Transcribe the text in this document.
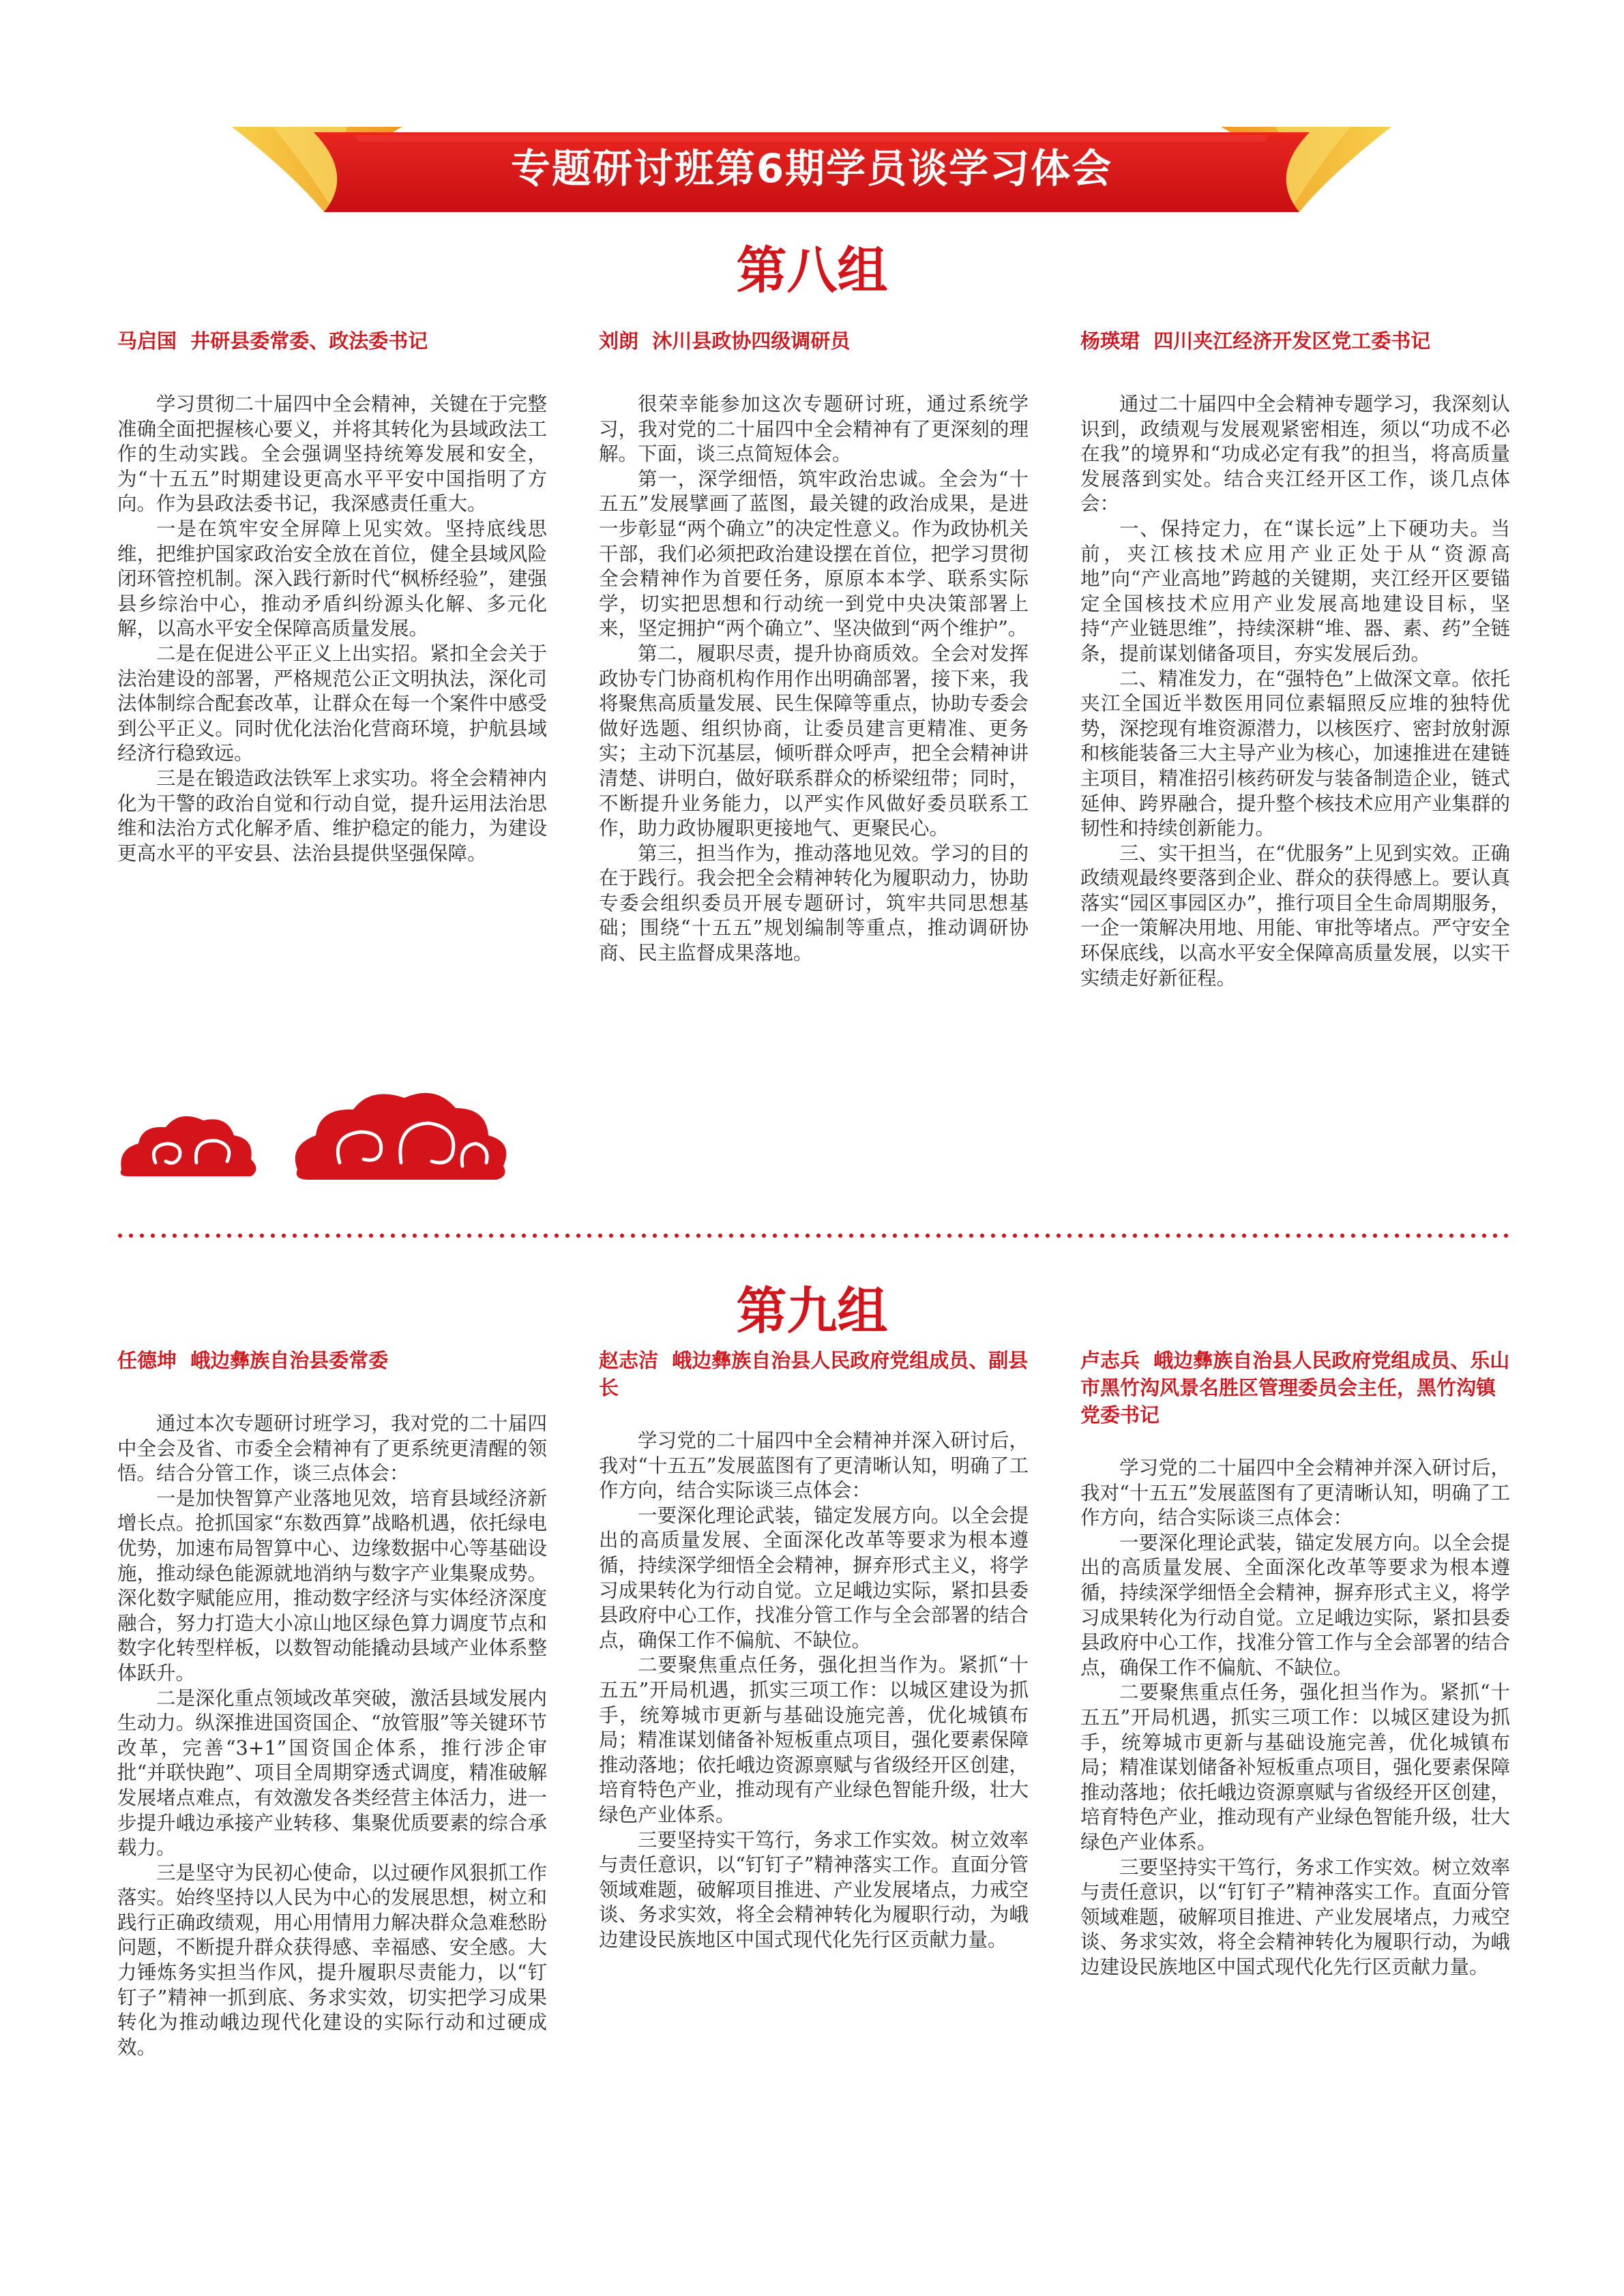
专题研讨班第6期学员谈学习体会
第八组
马启国  井研县委常委、政法委书记

学习贯彻二十届四中全会精神，关键在于完整准确全面把握核心要义，并将其转化为县域政法工作的生动实践。全会强调坚持统筹发展和安全，为“十五五”时期建设更高水平平安中国指明了方向。作为县政法委书记，我深感责任重大。

一是在筑牢安全屏障上见实效。坚持底线思维，把维护国家政治安全放在首位，健全县域风险闭环管控机制。深入践行新时代“枫桥经验”，建强县乡综治中心，推动矛盾纠纷源头化解、多元化解，以高水平安全保障高质量发展。

二是在促进公平正义上出实招。紧扣全会关于法治建设的部署，严格规范公正文明执法，深化司法体制综合配套改革，让群众在每一个案件中感受到公平正义。同时优化法治化营商环境，护航县域经济行稳致远。

三是在锻造政法铁军上求实功。将全会精神内化为干警的政治自觉和行动自觉，提升运用法治思维和法治方式化解矛盾、维护稳定的能力，为建设更高水平的平安县、法治县提供坚强保障。

刘朗  沐川县政协四级调研员

很荣幸能参加这次专题研讨班，通过系统学习，我对党的二十届四中全会精神有了更深刻的理解。下面，谈三点简短体会。

第一，深学细悟，筑牢政治忠诚。全会为“十五五”发展擘画了蓝图，最关键的政治成果，是进一步彰显“两个确立”的决定性意义。作为政协机关干部，我们必须把政治建设摆在首位，把学习贯彻全会精神作为首要任务，原原本本学、联系实际学，切实把思想和行动统一到党中央决策部署上来，坚定拥护“两个确立”、坚决做到“两个维护”。

第二，履职尽责，提升协商质效。全会对发挥政协专门协商机构作用作出明确部署，接下来，我将聚焦高质量发展、民生保障等重点，协助专委会做好选题、组织协商，让委员建言更精准、更务实；主动下沉基层，倾听群众呼声，把全会精神讲清楚、讲明白，做好联系群众的桥梁纽带；同时，不断提升业务能力，以严实作风做好委员联系工作，助力政协履职更接地气、更聚民心。

第三，担当作为，推动落地见效。学习的目的在于践行。我会把全会精神转化为履职动力，协助专委会组织委员开展专题研讨，筑牢共同思想基础；围绕“十五五”规划编制等重点，推动调研协商、民主监督成果落地。

杨瑛珺  四川夹江经济开发区党工委书记

通过二十届四中全会精神专题学习，我深刻认识到，政绩观与发展观紧密相连，须以“功成不必在我”的境界和“功成必定有我”的担当，将高质量发展落到实处。结合夹江经开区工作，谈几点体会：

一、保持定力，在“谋长远”上下硬功夫。当前，夹江核技术应用产业正处于从“资源高地”向“产业高地”跨越的关键期，夹江经开区要锚定全国核技术应用产业发展高地建设目标，坚持“产业链思维”，持续深耕“堆、器、素、药”全链条，提前谋划储备项目，夯实发展后劲。

二、精准发力，在“强特色”上做深文章。依托夹江全国近半数医用同位素辐照反应堆的独特优势，深挖现有堆资源潜力，以核医疗、密封放射源和核能装备三大主导产业为核心，加速推进在建链主项目，精准招引核药研发与装备制造企业，链式延伸、跨界融合，提升整个核技术应用产业集群的韧性和持续创新能力。

三、实干担当，在“优服务”上见到实效。正确政绩观最终要落到企业、群众的获得感上。要认真落实“园区事园区办”，推行项目全生命周期服务，一企一策解决用地、用能、审批等堵点。严守安全环保底线，以高水平安全保障高质量发展，以实干实绩走好新征程。

第九组
任德坤  峨边彝族自治县委常委

通过本次专题研讨班学习，我对党的二十届四中全会及省、市委全会精神有了更系统更清醒的领悟。结合分管工作，谈三点体会：

一是加快智算产业落地见效，培育县域经济新增长点。抢抓国家“东数西算”战略机遇，依托绿电优势，加速布局智算中心、边缘数据中心等基础设施，推动绿色能源就地消纳与数字产业集聚成势。深化数字赋能应用，推动数字经济与实体经济深度融合，努力打造大小凉山地区绿色算力调度节点和数字化转型样板，以数智动能撬动县域产业体系整体跃升。

二是深化重点领域改革突破，激活县域发展内生动力。纵深推进国资国企、“放管服”等关键环节改革，完善“3+1”国资国企体系，推行涉企审批“并联快跑”、项目全周期穿透式调度，精准破解发展堵点难点，有效激发各类经营主体活力，进一步提升峨边承接产业转移、集聚优质要素的综合承载力。

三是坚守为民初心使命，以过硬作风狠抓工作落实。始终坚持以人民为中心的发展思想，树立和践行正确政绩观，用心用情用力解决群众急难愁盼问题，不断提升群众获得感、幸福感、安全感。大力锤炼务实担当作风，提升履职尽责能力，以“钉钉子”精神一抓到底、务求实效，切实把学习成果转化为推动峨边现代化建设的实际行动和过硬成效。

赵志洁  峨边彝族自治县人民政府党组成员、副县长

学习党的二十届四中全会精神并深入研讨后，我对“十五五”发展蓝图有了更清晰认知，明确了工作方向，结合实际谈三点体会：

一要深化理论武装，锚定发展方向。以全会提出的高质量发展、全面深化改革等要求为根本遵循，持续深学细悟全会精神，摒弃形式主义，将学习成果转化为行动自觉。立足峨边实际，紧扣县委县政府中心工作，找准分管工作与全会部署的结合点，确保工作不偏航、不缺位。

二要聚焦重点任务，强化担当作为。紧抓“十五五”开局机遇，抓实三项工作：以城区建设为抓手，统筹城市更新与基础设施完善，优化城镇布局；精准谋划储备补短板重点项目，强化要素保障推动落地；依托峨边资源禀赋与省级经开区创建，培育特色产业，推动现有产业绿色智能升级，壮大绿色产业体系。

三要坚持实干笃行，务求工作实效。树立效率与责任意识，以“钉钉子”精神落实工作。直面分管领域难题，破解项目推进、产业发展堵点，力戒空谈、务求实效，将全会精神转化为履职行动，为峨边建设民族地区中国式现代化先行区贡献力量。

卢志兵  峨边彝族自治县人民政府党组成员、乐山市黑竹沟风景名胜区管理委员会主任，黑竹沟镇党委书记

学习党的二十届四中全会精神并深入研讨后，我对“十五五”发展蓝图有了更清晰认知，明确了工作方向，结合实际谈三点体会：

一要深化理论武装，锚定发展方向。以全会提出的高质量发展、全面深化改革等要求为根本遵循，持续深学细悟全会精神，摒弃形式主义，将学习成果转化为行动自觉。立足峨边实际，紧扣县委县政府中心工作，找准分管工作与全会部署的结合点，确保工作不偏航、不缺位。

二要聚焦重点任务，强化担当作为。紧抓“十五五”开局机遇，抓实三项工作：以城区建设为抓手，统筹城市更新与基础设施完善，优化城镇布局；精准谋划储备补短板重点项目，强化要素保障推动落地；依托峨边资源禀赋与省级经开区创建，培育特色产业，推动现有产业绿色智能升级，壮大绿色产业体系。

三要坚持实干笃行，务求工作实效。树立效率与责任意识，以“钉钉子”精神落实工作。直面分管领域难题，破解项目推进、产业发展堵点，力戒空谈、务求实效，将全会精神转化为履职行动，为峨边建设民族地区中国式现代化先行区贡献力量。
